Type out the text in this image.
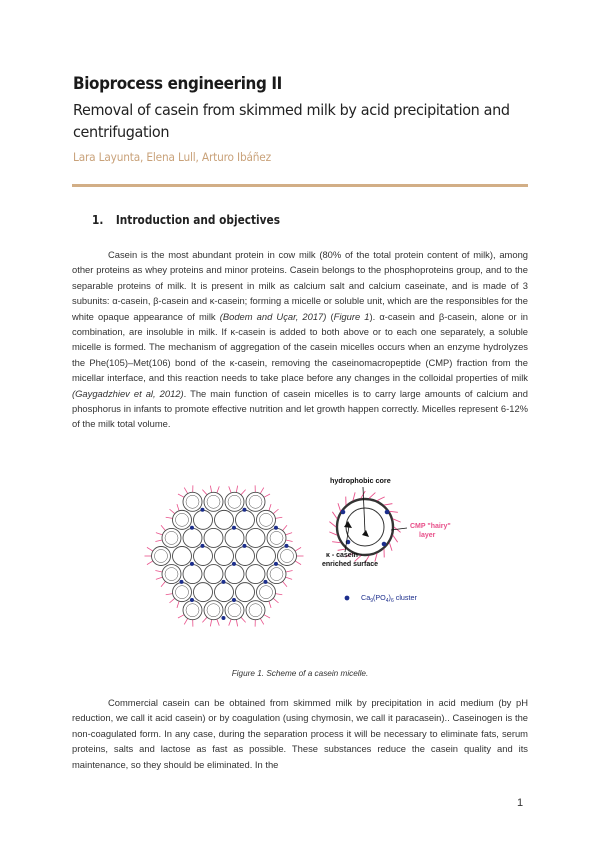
Bioprocess engineering II
Removal of casein from skimmed milk by acid precipitation and centrifugation
Lara Layunta, Elena Lull, Arturo Ibáñez
1. Introduction and objectives
Casein is the most abundant protein in cow milk (80% of the total protein content of milk), among other proteins as whey proteins and minor proteins. Casein belongs to the phosphoproteins group, and to the separable proteins of milk. It is present in milk as calcium salt and calcium caseinate, and is made of 3 subunits: α-casein, β-casein and κ-casein; forming a micelle or soluble unit, which are the responsibles for the white opaque appearance of milk (Bodem and Uçar, 2017) (Figure 1). α-casein and β-casein, alone or in combination, are insoluble in milk. If κ-casein is added to both above or to each one separately, a soluble micelle is formed. The mechanism of aggregation of the casein micelles occurs when an enzyme hydrolyzes the Phe(105)–Met(106) bond of the κ-casein, removing the caseinomacropeptide (CMP) fraction from the micellar interface, and this reaction needs to take place before any changes in the colloidal properties of milk (Gaygadzhiev et al, 2012). The main function of casein micelles is to carry large amounts of calcium and phosphorus in infants to promote effective nutrition and let growth happen correctly. Micelles represent 6-12% of the milk total volume.
hydrophobic core
CMP "hairy"
layer
κ - casein -
enriched surface
$Ca_9(PO_4)_6$ cluster
Figure 1. Scheme of a casein micelle.
Commercial casein can be obtained from skimmed milk by precipitation in acid medium (by pH reduction, we call it acid casein) or by coagulation (using chymosin, we call it paracasein).. Caseinogen is the non-coagulated form. In any case, during the separation process it will be necessary to eliminate fats, serum proteins, salts and lactose as fast as possible. These substances reduce the casein quality and its maintenance, so they should be eliminated. In the
1
